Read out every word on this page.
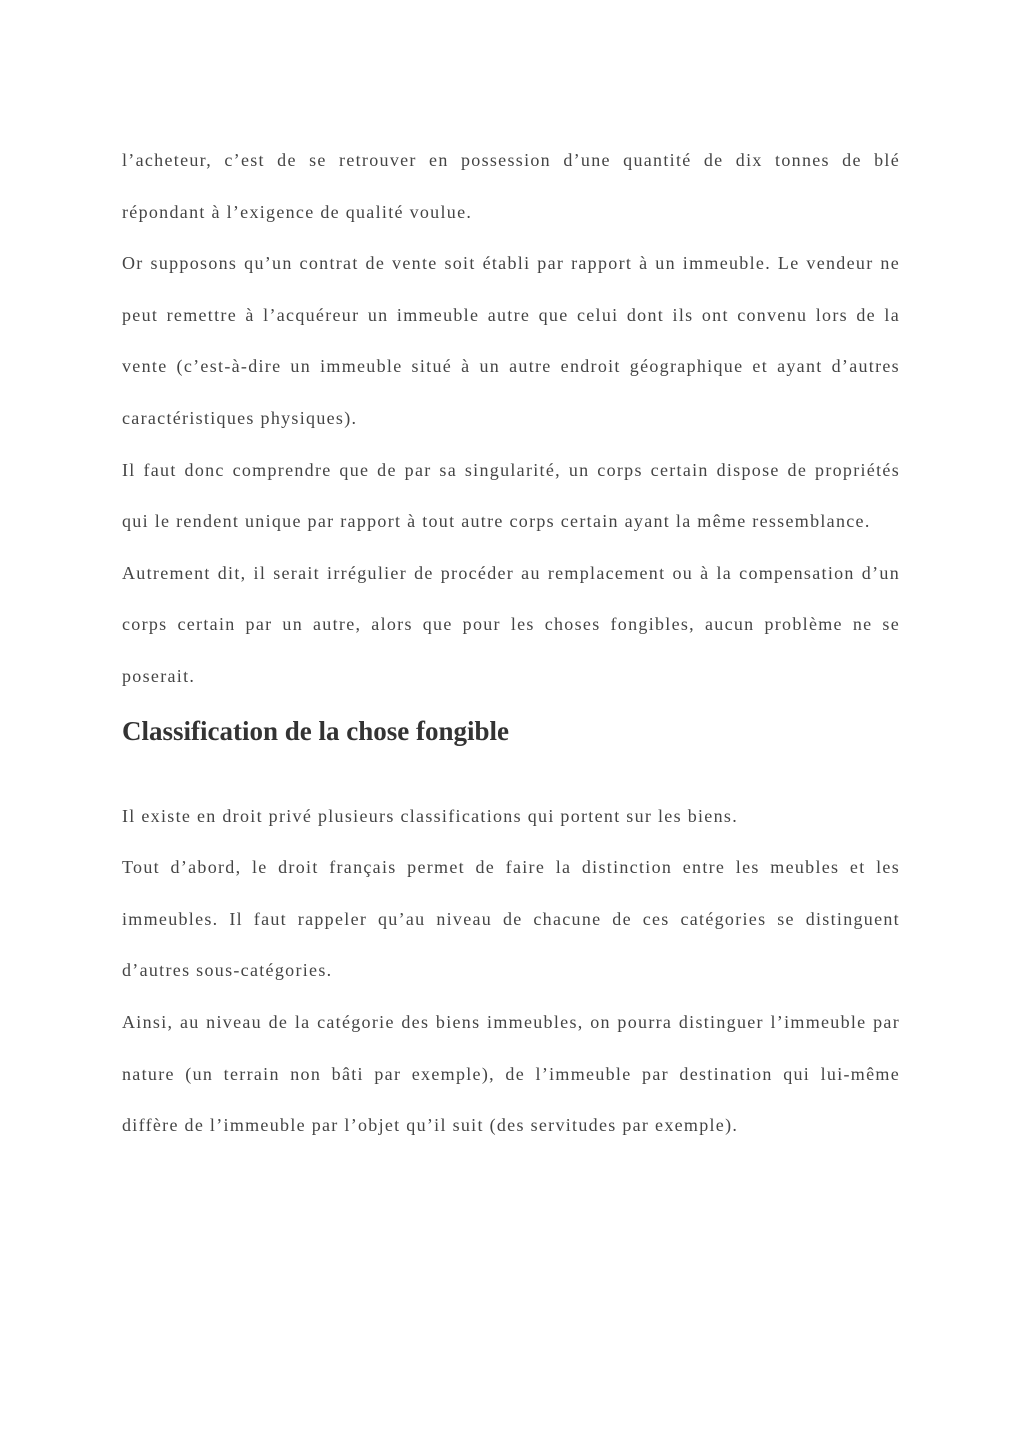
l’acheteur, c’est de se retrouver en possession d’une quantité de dix tonnes de blé répondant à l’exigence de qualité voulue.

Or supposons qu’un contrat de vente soit établi par rapport à un immeuble. Le vendeur ne peut remettre à l’acquéreur un immeuble autre que celui dont ils ont convenu lors de la vente (c’est-à-dire un immeuble situé à un autre endroit géographique et ayant d’autres caractéristiques physiques).

Il faut donc comprendre que de par sa singularité, un corps certain dispose de propriétés qui le rendent unique par rapport à tout autre corps certain ayant la même ressemblance.

Autrement dit, il serait irrégulier de procéder au remplacement ou à la compensation d’un corps certain par un autre, alors que pour les choses fongibles, aucun problème ne se poserait.

Classification de la chose fongible

Il existe en droit privé plusieurs classifications qui portent sur les biens.

Tout d’abord, le droit français permet de faire la distinction entre les meubles et les immeubles. Il faut rappeler qu’au niveau de chacune de ces catégories se distinguent d’autres sous-catégories.

Ainsi, au niveau de la catégorie des biens immeubles, on pourra distinguer l’immeuble par nature (un terrain non bâti par exemple), de l’immeuble par destination qui lui-même diffère de l’immeuble par l’objet qu’il suit (des servitudes par exemple).
